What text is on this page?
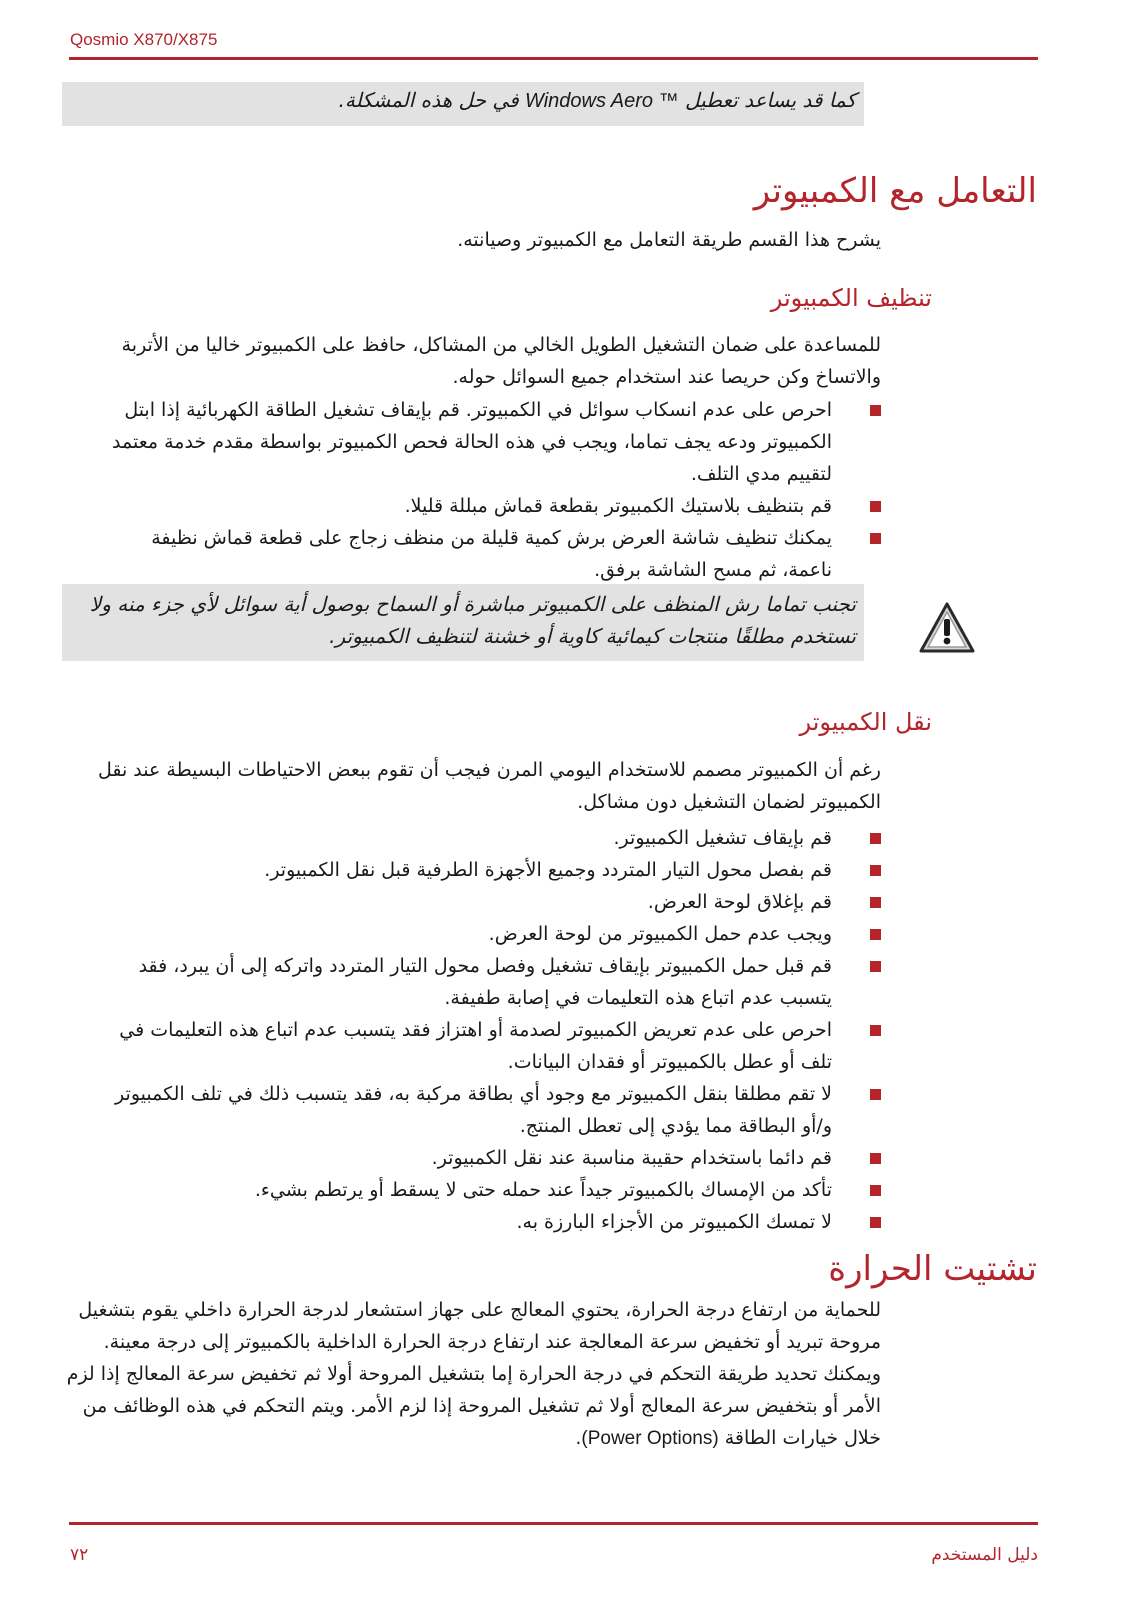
Qosmio X870/X875
كما قد يساعد تعطيل Windows Aero ™ في حل هذه المشكلة.
التعامل مع الكمبيوتر

يشرح هذا القسم طريقة التعامل مع الكمبيوتر وصيانته.

تنظيف الكمبيوتر

للمساعدة على ضمان التشغيل الطويل الخالي من المشاكل، حافظ على الكمبيوتر خاليا من الأتربة والاتساخ وكن حريصا عند استخدام جميع السوائل حوله.

احرص على عدم انسكاب سوائل في الكمبيوتر. قم بإيقاف تشغيل الطاقة الكهربائية إذا ابتل الكمبيوتر ودعه يجف تماما، ويجب في هذه الحالة فحص الكمبيوتر بواسطة مقدم خدمة معتمد لتقييم مدي التلف.
قم بتنظيف بلاستيك الكمبيوتر بقطعة قماش مبللة قليلا.
يمكنك تنظيف شاشة العرض برش كمية قليلة من منظف زجاج على قطعة قماش نظيفة ناعمة، ثم مسح الشاشة برفق.
تجنب تماما رش المنظف على الكمبيوتر مباشرة أو السماح بوصول أية سوائل لأي جزء منه ولا تستخدم مطلقًا منتجات كيمائية كاوية أو خشنة لتنظيف الكمبيوتر.
نقل الكمبيوتر

رغم أن الكمبيوتر مصمم للاستخدام اليومي المرن فيجب أن تقوم ببعض الاحتياطات البسيطة عند نقل الكمبيوتر لضمان التشغيل دون مشاكل.

قم بإيقاف تشغيل الكمبيوتر.
قم بفصل محول التيار المتردد وجميع الأجهزة الطرفية قبل نقل الكمبيوتر.
قم بإغلاق لوحة العرض.
ويجب عدم حمل الكمبيوتر من لوحة العرض.
قم قبل حمل الكمبيوتر بإيقاف تشغيل وفصل محول التيار المتردد واتركه إلى أن يبرد، فقد يتسبب عدم اتباع هذه التعليمات في إصابة طفيفة.
احرص على عدم تعريض الكمبيوتر لصدمة أو اهتزاز فقد يتسبب عدم اتباع هذه التعليمات في تلف أو عطل بالكمبيوتر أو فقدان البيانات.
لا تقم مطلقا بنقل الكمبيوتر مع وجود أي بطاقة مركبة به، فقد يتسبب ذلك في تلف الكمبيوتر و/أو البطاقة مما يؤدي إلى تعطل المنتج.
قم دائما باستخدام حقيبة مناسبة عند نقل الكمبيوتر.
تأكد من الإمساك بالكمبيوتر جيداً عند حمله حتى لا يسقط أو يرتطم بشيء.
لا تمسك الكمبيوتر من الأجزاء البارزة به.
تشتيت الحرارة

للحماية من ارتفاع درجة الحرارة، يحتوي المعالج على جهاز استشعار لدرجة الحرارة داخلي يقوم بتشغيل مروحة تبريد أو تخفيض سرعة المعالجة عند ارتفاع درجة الحرارة الداخلية بالكمبيوتر إلى درجة معينة. ويمكنك تحديد طريقة التحكم في درجة الحرارة إما بتشغيل المروحة أولا ثم تخفيض سرعة المعالج إذا لزم الأمر أو بتخفيض سرعة المعالج أولا ثم تشغيل المروحة إذا لزم الأمر. ويتم التحكم في هذه الوظائف من خلال خيارات الطاقة (Power Options).

٧٢	دليل المستخدم
